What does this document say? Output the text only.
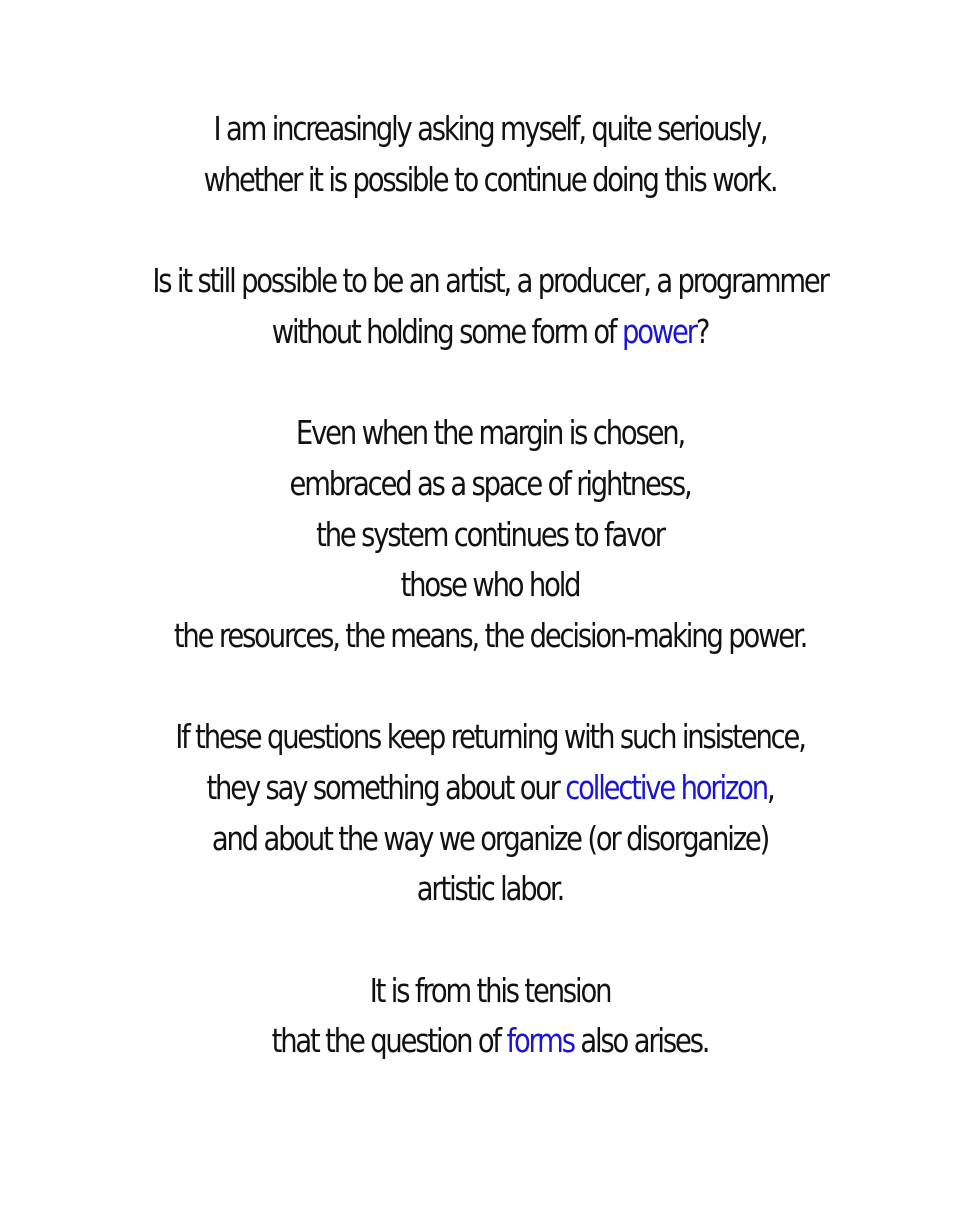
I am increasingly asking myself, quite seriously,
whether it is possible to continue doing this work.
Is it still possible to be an artist, a producer, a programmer
without holding some form of power?
Even when the margin is chosen,
embraced as a space of rightness,
the system continues to favor
those who hold
the resources, the means, the decision-making power.
If these questions keep returning with such insistence,
they say something about our collective horizon,
and about the way we organize (or disorganize)
artistic labor.
It is from this tension
that the question of forms also arises.
